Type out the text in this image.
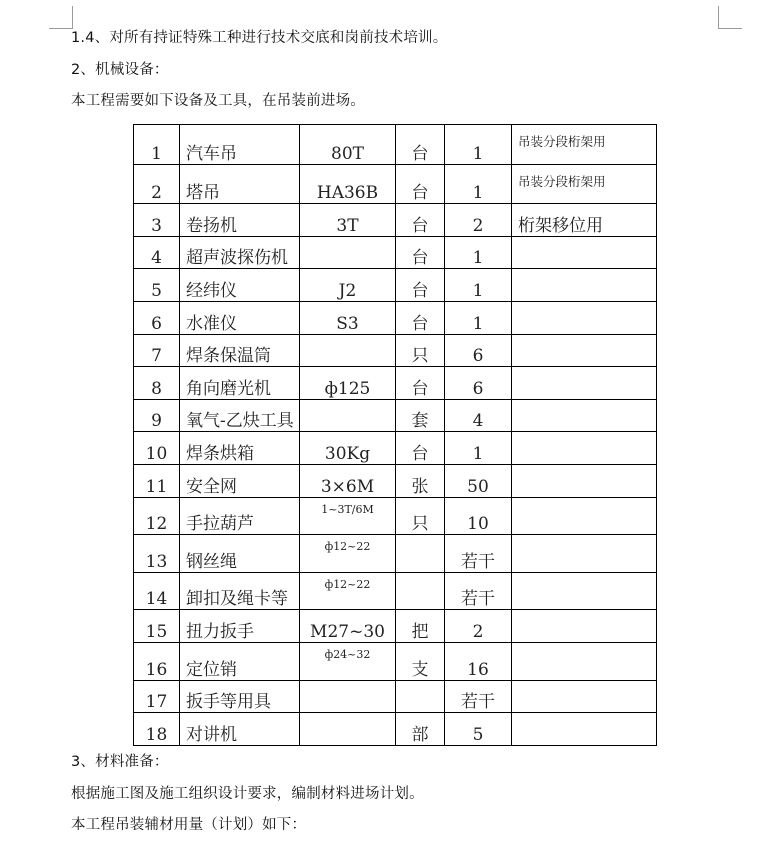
1.4、对所有持证特殊工种进行技术交底和岗前技术培训。
2、机械设备：
本工程需要如下设备及工具，在吊装前进场。
1	汽车吊	80T	台	1	吊装分段桁架用
2	塔吊	HA36B	台	1	吊装分段桁架用
3	卷扬机	3T	台	2	桁架移位用
4	超声波探伤机		台	1	
5	经纬仪	J2	台	1	
6	水准仪	S3	台	1	
7	焊条保温筒		只	6	
8	角向磨光机	ф125	台	6	
9	氧气-乙炔工具		套	4	
10	焊条烘箱	30Kg	台	1	
11	安全网	3×6M	张	50	
12	手拉葫芦	1~3T/6M	只	10	
13	钢丝绳	ф12~22		若干	
14	卸扣及绳卡等	ф12~22		若干	
15	扭力扳手	M27~30	把	2	
16	定位销	ф24~32	支	16	
17	扳手等用具			若干	
18	对讲机		部	5	
3、材料准备：
根据施工图及施工组织设计要求，编制材料进场计划。
本工程吊装辅材用量（计划）如下：
